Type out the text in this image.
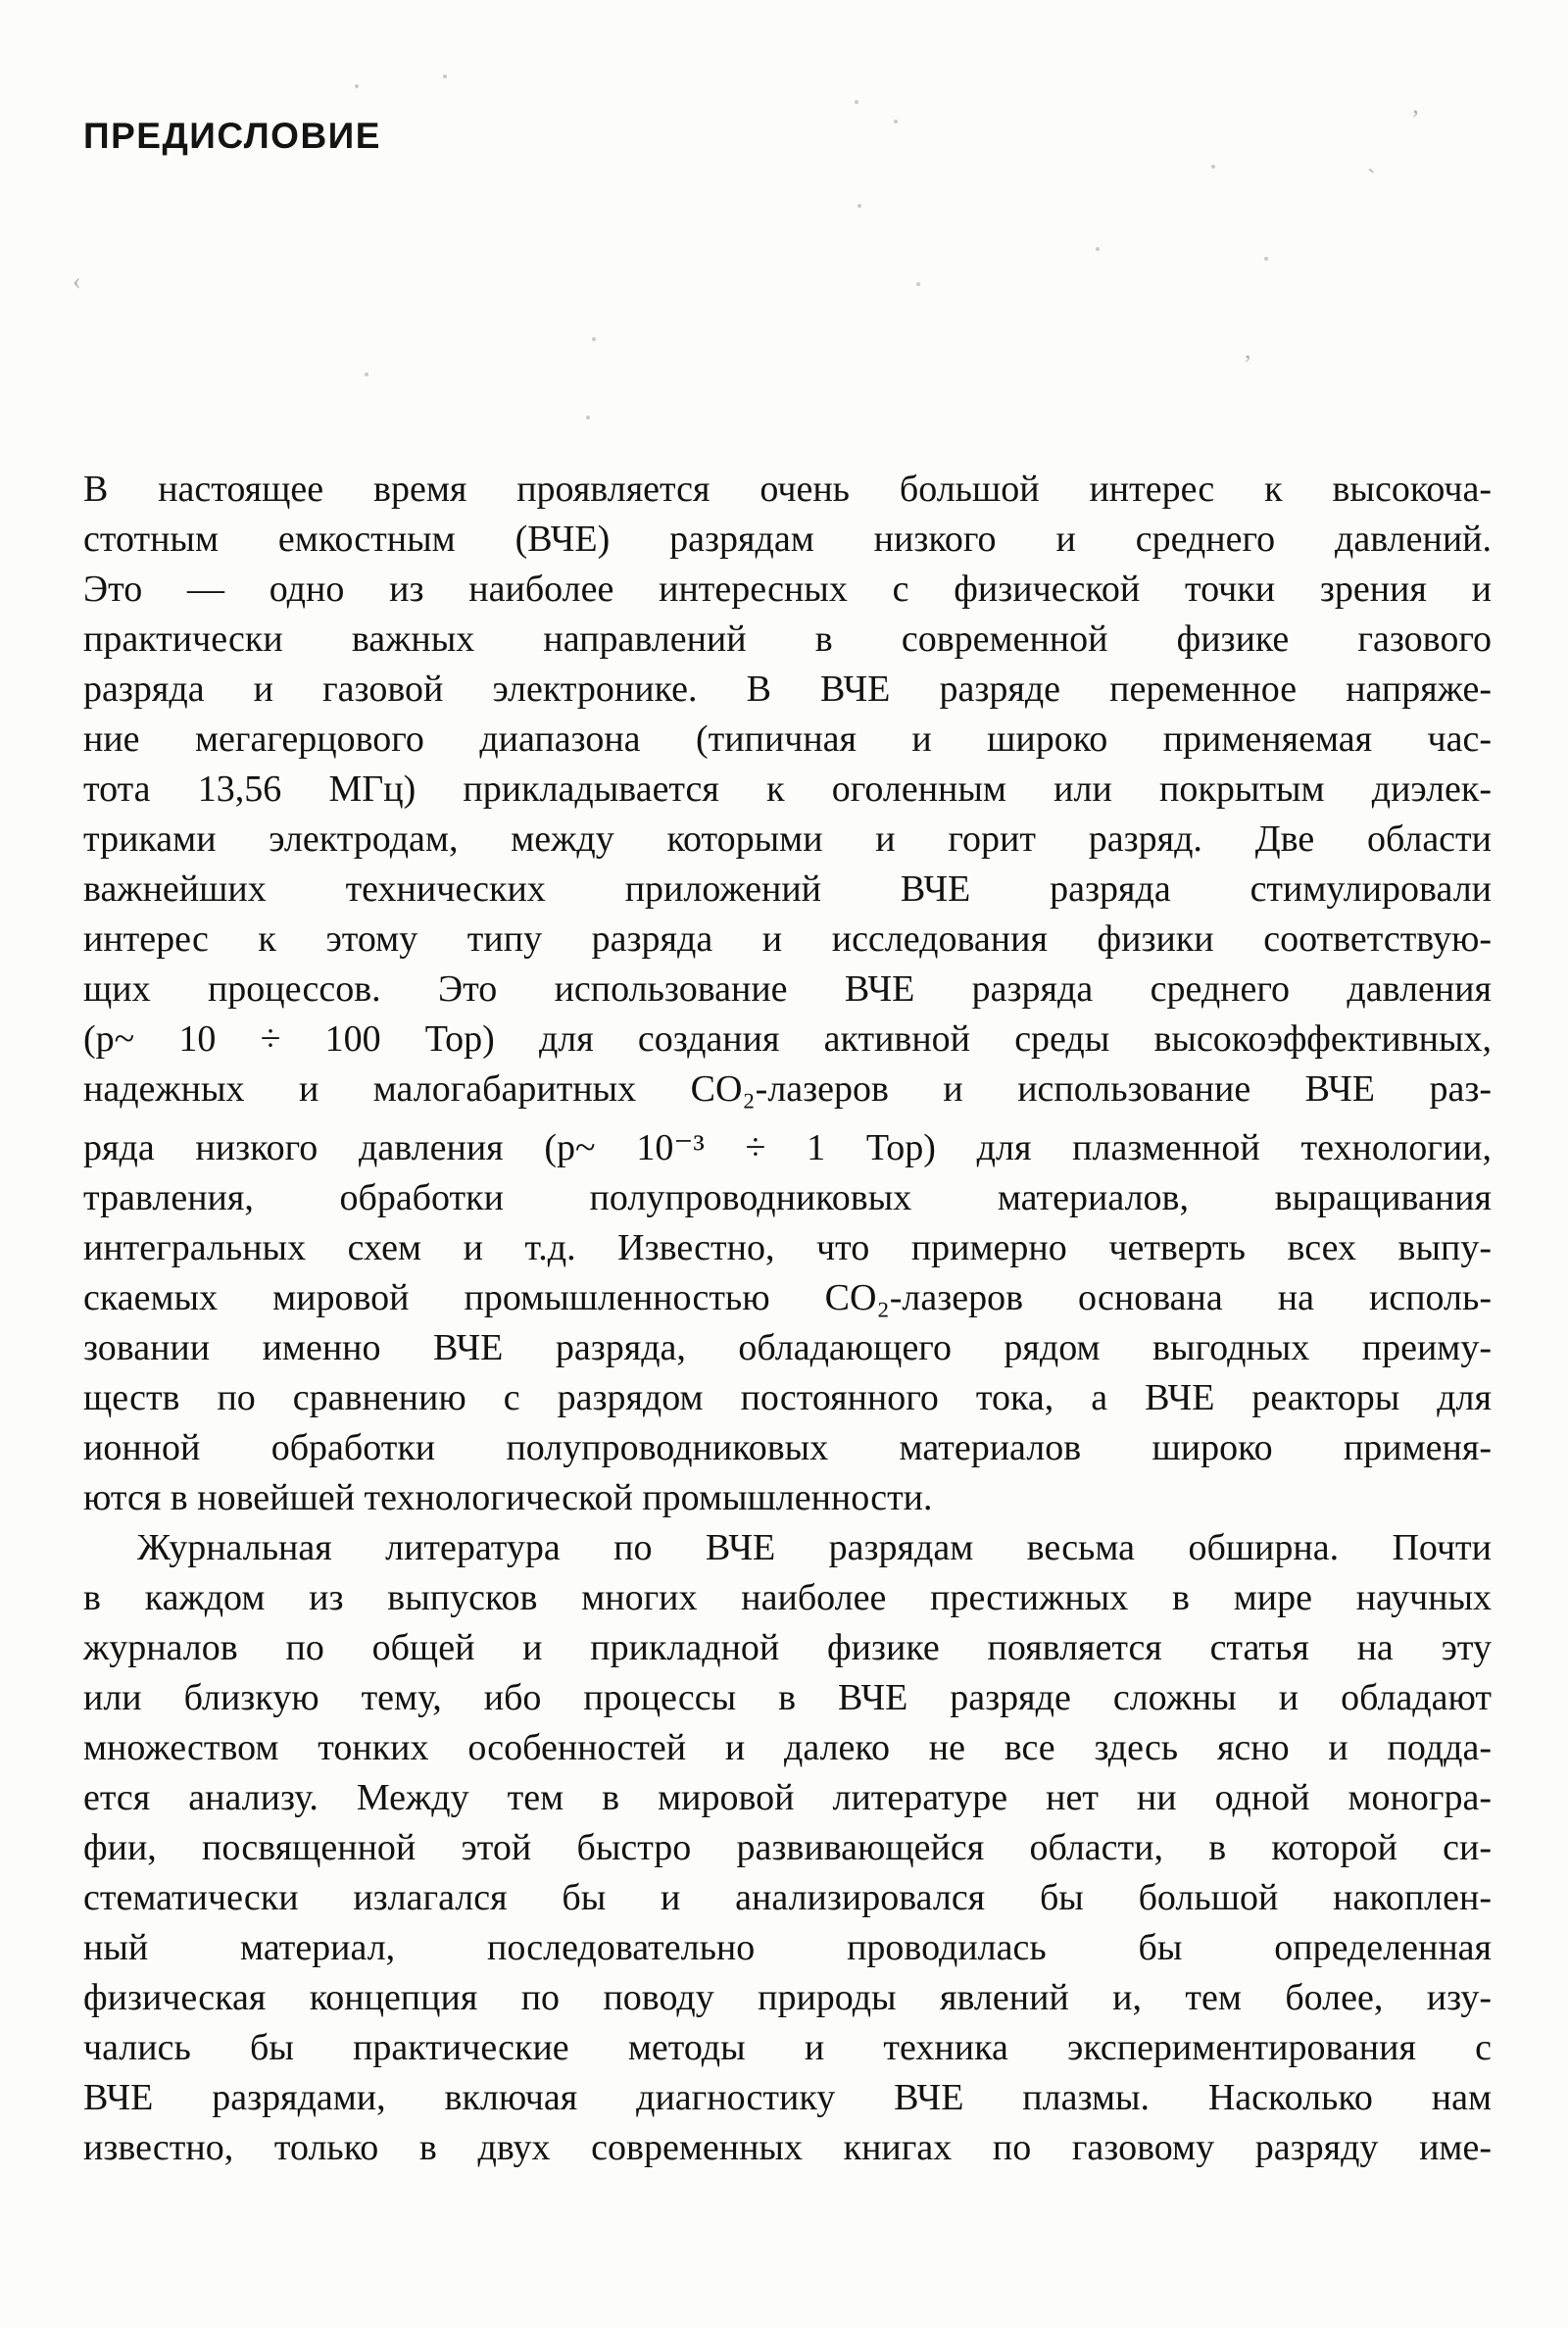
ПРЕДИСЛОВИЕ
В настоящее время проявляется очень большой интерес к высокоча-
стотным емкостным (ВЧЕ) разрядам низкого и среднего давлений.
Это — одно из наиболее интересных с физической точки зрения и
практически важных направлений в современной физике газового
разряда и газовой электронике. В ВЧЕ разряде переменное напряже-
ние мегагерцового диапазона (типичная и широко применяемая час-
тота 13,56 МГц) прикладывается к оголенным или покрытым диэлек-
триками электродам, между которыми и горит разряд. Две области
важнейших технических приложений ВЧЕ разряда стимулировали
интерес к этому типу разряда и исследования физики соответствую-
щих процессов. Это использование ВЧЕ разряда среднего давления
(p~ 10 ÷ 100 Тор) для создания активной среды высокоэффективных,
надежных и малогабаритных СО₂-лазеров и использование ВЧЕ раз-
ряда низкого давления (p~ 10⁻³ ÷ 1 Тор) для плазменной технологии,
травления, обработки полупроводниковых материалов, выращивания
интегральных схем и т.д. Известно, что примерно четверть всех выпу-
скаемых мировой промышленностью СО₂-лазеров основана на исполь-
зовании именно ВЧЕ разряда, обладающего рядом выгодных преиму-
ществ по сравнению с разрядом постоянного тока, а ВЧЕ реакторы для
ионной обработки полупроводниковых материалов широко применя-
ются в новейшей технологической промышленности.
Журнальная литература по ВЧЕ разрядам весьма обширна. Почти
в каждом из выпусков многих наиболее престижных в мире научных
журналов по общей и прикладной физике появляется статья на эту
или близкую тему, ибо процессы в ВЧЕ разряде сложны и обладают
множеством тонких особенностей и далеко не все здесь ясно и подда-
ется анализу. Между тем в мировой литературе нет ни одной моногра-
фии, посвященной этой быстро развивающейся области, в которой си-
стематически излагался бы и анализировался бы большой накоплен-
ный материал, последовательно проводилась бы определенная
физическая концепция по поводу природы явлений и, тем более, изу-
чались бы практические методы и техника экспериментирования с
ВЧЕ разрядами, включая диагностику ВЧЕ плазмы. Насколько нам
известно, только в двух современных книгах по газовому разряду име-
‚
`
‹
,
